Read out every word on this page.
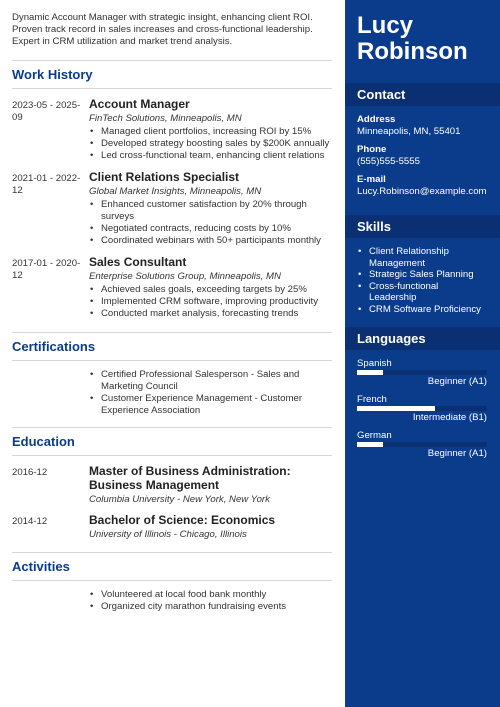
Dynamic Account Manager with strategic insight, enhancing client ROI. Proven track record in sales increases and cross-functional leadership. Expert in CRM utilization and market trend analysis.

Work History
2023-05 - 2025-09
Account Manager
FinTech Solutions, Minneapolis, MN
• Managed client portfolios, increasing ROI by 15%
• Developed strategy boosting sales by $200K annually
• Led cross-functional team, enhancing client relations
2021-01 - 2022-12
Client Relations Specialist
Global Market Insights, Minneapolis, MN
• Enhanced customer satisfaction by 20% through surveys
• Negotiated contracts, reducing costs by 10%
• Coordinated webinars with 50+ participants monthly
2017-01 - 2020-12
Sales Consultant
Enterprise Solutions Group, Minneapolis, MN
• Achieved sales goals, exceeding targets by 25%
• Implemented CRM software, improving productivity
• Conducted market analysis, forecasting trends
Certifications
• Certified Professional Salesperson - Sales and Marketing Council
• Customer Experience Management - Customer Experience Association
Education
2016-12	Master of Business Administration: Business Management
Columbia University - New York, New York
2014-12	Bachelor of Science: Economics
University of Illinois - Chicago, Illinois
Activities
• Volunteered at local food bank monthly
• Organized city marathon fundraising events
Lucy
Robinson
Contact
Address
Minneapolis, MN, 55401
Phone
(555)555-5555
E-mail
Lucy.Robinson@example.com
Skills
• Client Relationship Management
• Strategic Sales Planning
• Cross-functional Leadership
• CRM Software Proficiency
Languages
Spanish
Beginner (A1)
French
Intermediate (B1)
German
Beginner (A1)
